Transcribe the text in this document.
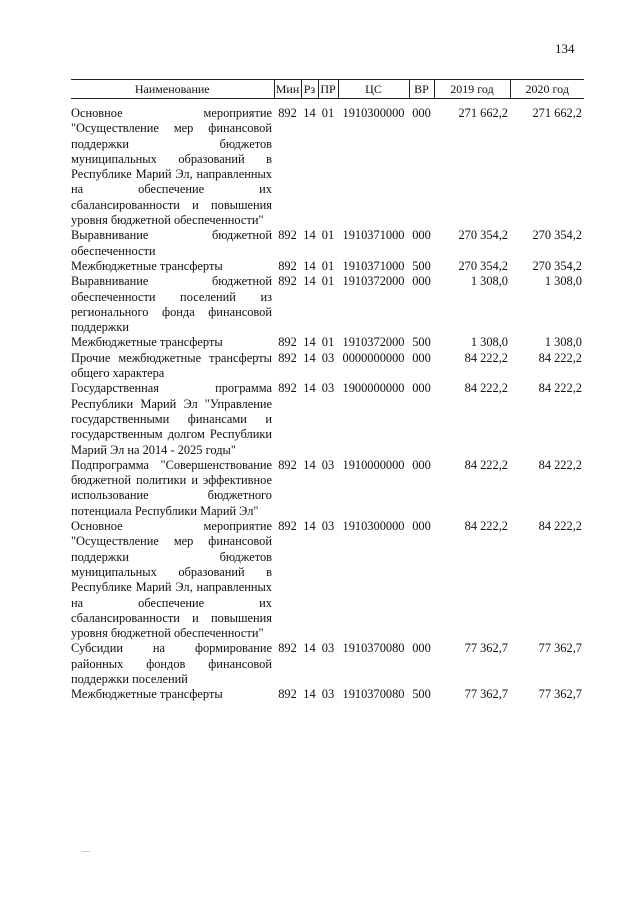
134
Наименование	Мин	Рз	ПР	ЦС	ВР	2019 год	2020 год
Основное мероприятие "Осуществление мер финансовой поддержки бюджетов муниципальных образований в Республике Марий Эл, направленных на обеспечение их сбалансированности и повышения уровня бюджетной обеспеченности"	892	14	01	1910300000	000	271 662,2	271 662,2
Выравнивание бюджетной обеспеченности	892	14	01	1910371000	000	270 354,2	270 354,2
Межбюджетные трансферты	892	14	01	1910371000	500	270 354,2	270 354,2
Выравнивание бюджетной обеспеченности поселений из регионального фонда финансовой поддержки	892	14	01	1910372000	000	1 308,0	1 308,0
Межбюджетные трансферты	892	14	01	1910372000	500	1 308,0	1 308,0
Прочие межбюджетные трансферты общего характера	892	14	03	0000000000	000	84 222,2	84 222,2
Государственная программа Республики Марий Эл "Управление государственными финансами и государственным долгом Республики Марий Эл на 2014 - 2025 годы"	892	14	03	1900000000	000	84 222,2	84 222,2
Подпрограмма "Совершенствование бюджетной политики и эффективное использование бюджетного потенциала Республики Марий Эл"	892	14	03	1910000000	000	84 222,2	84 222,2
Основное мероприятие "Осуществление мер финансовой поддержки бюджетов муниципальных образований в Республике Марий Эл, направленных на обеспечение их сбалансированности и повышения уровня бюджетной обеспеченности"	892	14	03	1910300000	000	84 222,2	84 222,2
Субсидии на формирование районных фондов финансовой поддержки поселений	892	14	03	1910370080	000	77 362,7	77 362,7
Межбюджетные трансферты	892	14	03	1910370080	500	77 362,7	77 362,7
